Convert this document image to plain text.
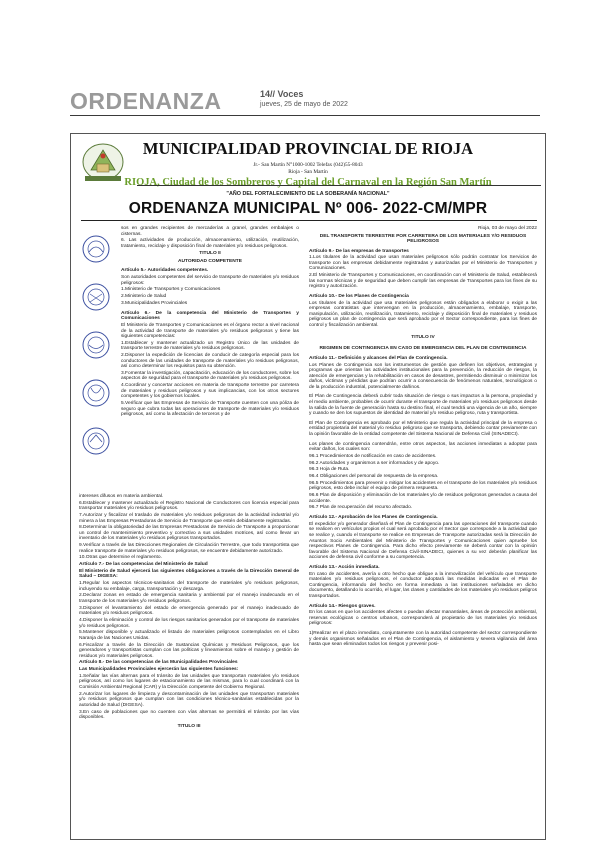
ORDENANZA	14// Voces
jueves, 25 de mayo de 2022
MUNICIPALIDAD PROVINCIAL DE RIOJA
Jr.- San Martín N°1000-1002 Telefax (042)55-8043
Rioja - San Martín
RIOJA, Ciudad de los Sombreros y Capital del Carnaval en la Región San Martín
"AÑO DEL FORTALECIMIENTO DE LA SOBERANÍA NACIONAL"
ORDENANZA MUNICIPAL Nº 006- 2022-CM/MPR

sos en grandes recipientes de mercaderías a granel, grandes embalajes o cisternas.

6. Las actividades de producción, almacenamiento, utilización, reutilización, tratamiento, reciclaje y disposición final de materiales y/o residuos peligrosos.

TITULO II

AUTORIDAD COMPETENTE

Artículo 5.- Autoridades competentes.

Son autoridades competentes del servicio de transporte de materiales y/o residuos peligrosos:

1.Ministerio de Transportes y Comunicaciones

2.Ministerio de Salud

3.Municipalidades Provinciales

Artículo 6.- De la competencia del Ministerio de Transportes y Comunicaciones

El Ministerio de Transportes y Comunicaciones es el órgano rector a nivel nacional de la actividad de transporte de materiales y/o residuos peligrosos y tiene las siguientes competencias:

1.Establecer y mantener actualizado un Registro Único de las unidades de transporte terrestre de materiales y/o residuos peligrosos.

2.Disponer la expedición de licencias de conducir de categoría especial para los conductores de las unidades de transporte de materiales y/o residuos peligrosos, así como determinar los requisitos para su obtención.

3.Fomentar la investigación, capacitación, educación de los conductores, sobre los aspectos de seguridad para el transporte de materiales y/o residuos peligrosos.

4.Coordinar y concertar acciones en materia de transporte terrestre por carretera de materiales y residuos peligrosos y sus implicancias, con los otros sectores competentes y los gobiernos locales.

5.Verificar que las Empresas de Servicio de Transporte cuenten con una póliza de seguro que cubra todas las operaciones de transporte de materiales y/o residuos peligrosos, así como la afectación de terceros y de

intereses difusos en materia ambiental.

6.Establecer y mantener actualizado el Registro Nacional de Conductores con licencia especial para transportar materiales y/o residuos peligrosos.

7.Autorizar y fiscalizar el traslado de materiales y/o residuos peligrosos de la actividad industrial y/o minera a las Empresas Prestadoras de Servicio de Transporte que estén debidamente registradas.

8.Determinar la obligatoriedad de las Empresas Prestadoras de Servicio de Transporte a proporcionar un control de mantenimiento preventivo y correctivo a sus unidades motrices, así como llevar un inventario de los materiales y/o residuos peligrosos transportados.

9.Verificar a través de las Direcciones Regionales de Circulación Terrestre, que todo transportista que realice transporte de materiales y/o residuos peligrosos, se encuentre debidamente autorizado.

10.Otras que determine el reglamento.

Artículo 7.- De las competencias del Ministerio de Salud

El Ministerio de Salud ejercerá las siguientes obligaciones a través de la Dirección General de Salud – DIGESA:

1.Regular los aspectos técnicos-sanitarios del transporte de materiales y/o residuos peligrosos, incluyendo su embalaje, carga, transportación y descarga.

2.Declarar zonas en estado de emergencia sanitaria y ambiental por el manejo inadecuado en el transporte de los materiales y/o residuos peligrosos.

3.Disponer el levantamiento del estado de emergencia generado por el manejo inadecuado de materiales y/o residuos peligrosos.

4.Disponer la eliminación y control de los riesgos sanitarios generados por el transporte de materiales y/o residuos peligrosos.

5.Mantener disponible y actualizado el listado de materiales peligrosos contemplados en el Libro Naranja de las Naciones Unidas.

6.Fiscalizar a través de la Dirección de Sustancias Químicas y Residuos Peligrosos, que los generadores y transportistas cumplan con las políticas y lineamientos sobre el manejo y gestión de residuos y/o materiales peligrosos.

Artículo 8.- De las competencias de las Municipalidades Provinciales

Las Municipalidades Provinciales ejercerán las siguientes funciones:

1.Señalar las vías alternas para el tránsito de las unidades que transportan materiales y/o residuos peligrosos, así como los lugares de estacionamiento de las mismas, para lo cual coordinará con la Comisión Ambiental Regional (CAR) y la Dirección competente del Gobierno Regional.

2.Autorizar los lugares de limpieza y descontaminación de las unidades que transportan materiales y/o residuos peligrosos que cumplan con las condiciones técnico-sanitarias establecidas por la autoridad de Salud (DIGESA).

3.En caso de poblaciones que no cuenten con vías alternas se permitirá el tránsito por las vías disponibles.

TITULO III

Rioja, 03 de mayo del 2022

DEL TRANSPORTE TERRESTRE POR CARRETERA DE LOS MATERIALES Y/O RESIDUOS PELIGROSOS

Artículo 9.- De las empresas de transportes

1.Los titulares de la actividad que usan materiales peligrosos sólo podrán contratar los Servicios de transporte con las empresas debidamente registradas y autorizadas por el Ministerio de Transportes y Comunicaciones.

2.El Ministerio de Transportes y Comunicaciones, en coordinación con el Ministerio de Salud, establecerá las normas técnicas y de seguridad que deben cumplir las empresas de Transportes para los fines de su registro y autorización.

Artículo 10.- De los Planes de Contingencia

Los titulares de la actividad que usa materiales peligrosos están obligados a elaborar o exigir a las empresas contratistas que intervengan en la producción, almacenamiento, embalaje, transporte, manipulación, utilización, reutilización, tratamiento, reciclaje y disposición final de materiales y residuos peligrosos un plan de contingencia que será aprobado por el Sector correspondiente, para los fines de control y fiscalización ambiental.

TITULO IV

REGIMEN DE CONTINGENCIA EN CASO DE EMERGENCIA DEL PLAN DE CONTINGENCIA

Artículo 11.- Definición y alcances del Plan de Contingencia.

Los Planes de Contingencia son los instrumentos de gestión que definen los objetivos, estrategias y programas que orientan las actividades institucionales para la prevención, la reducción de riesgos, la atención de emergencias y la rehabilitación en casos de desastres, permitiendo disminuir o minimizar los daños, víctimas y pérdidas que podrían ocurrir a consecuencia de fenómenos naturales, tecnológicos o de la producción industrial, potencialmente dañinos.

El Plan de Contingencia deberá cubrir toda situación de riesgo o sus impactos a la persona, propiedad y el medio ambiente, probables de ocurrir durante el transporte de materiales y/o residuos peligrosos desde la salida de la fuente de generación hasta su destino final, el cual tendrá una vigencia de un año, siempre y cuando se den los supuestos de identidad de material y/o residuo peligroso, ruta y transportista.

El Plan de Contingencia es aprobado por el Ministerio que regula la actividad principal de la empresa o entidad propietaria del material y/o residuo peligroso que se transporta, debiendo contar previamente con la opinión favorable de la entidad competente del Sistema Nacional de Defensa Civil (SINADECI).

Los planes de contingencia contendrán, entre otros aspectos, las acciones inmediatas a adoptar para evitar daños, los cuales son:

96.1 Procedimientos de notificación en caso de accidentes.

96.2 Autoridades y organismos a ser informados y de apoyo.

96.3 Hoja de Ruta.

96.4 Obligaciones del personal de respuesta de la empresa.

96.5 Procedimientos para prevenir o mitigar los accidentes en el transporte de los materiales y/o residuos peligrosos, esto debe incluir el equipo de primera respuesta.

96.6 Plan de disposición y eliminación de los materiales y/o de residuos peligrosos generados a causa del accidente.

96.7 Plan de recuperación del recurso afectado.

Artículo 12.- Aprobación de los Planes de Contingencia.

El expedidor y/o generador diseñará el Plan de Contingencia para las operaciones del transporte cuando se realicen en vehículos propios el cual será aprobado por el Sector que corresponde a la actividad que se realice y, cuando el transporte se realice en Empresas de Transporte autorizadas será la Dirección de Asuntos Socio Ambientales del Ministerio de Transportes y Comunicaciones quien apruebe los respectivos Planes de Contingencia. Para dicho efecto previamente se deberá contar con la opinión favorable del Sistema Nacional de Defensa Civil-SINADECI, quienes a su vez deberán planificar las acciones de defensa civil conforme a su competencia.

Artículo 13.- Acción inmediata.

En caso de accidentes, avería u otro hecho que obligue a la inmovilización del vehículo que transporte materiales y/o residuos peligrosos, el conductor adoptará las medidas indicadas en el Plan de Contingencia, informando del hecho en forma inmediata a las instituciones señaladas en dicho documento, detallando lo ocurrido, el lugar, las clases y cantidades de los materiales y/o residuos peligros transportados.

Artículo 14.- Riesgos graves.

En los casos en que los accidentes afecten o puedan afectar manantiales, áreas de protección ambiental, reservas ecológicas o centros urbanos, corresponderá al propietario de los materiales y/o residuos peligrosos:

1)Realizar en el plazo inmediato, conjuntamente con la autoridad competente del sector correspondiente y demás organismos señalados en el Plan de Contingencia, el aislamiento y severa vigilancia del área hasta que sean eliminados todos los riesgos y prevenir posi-
